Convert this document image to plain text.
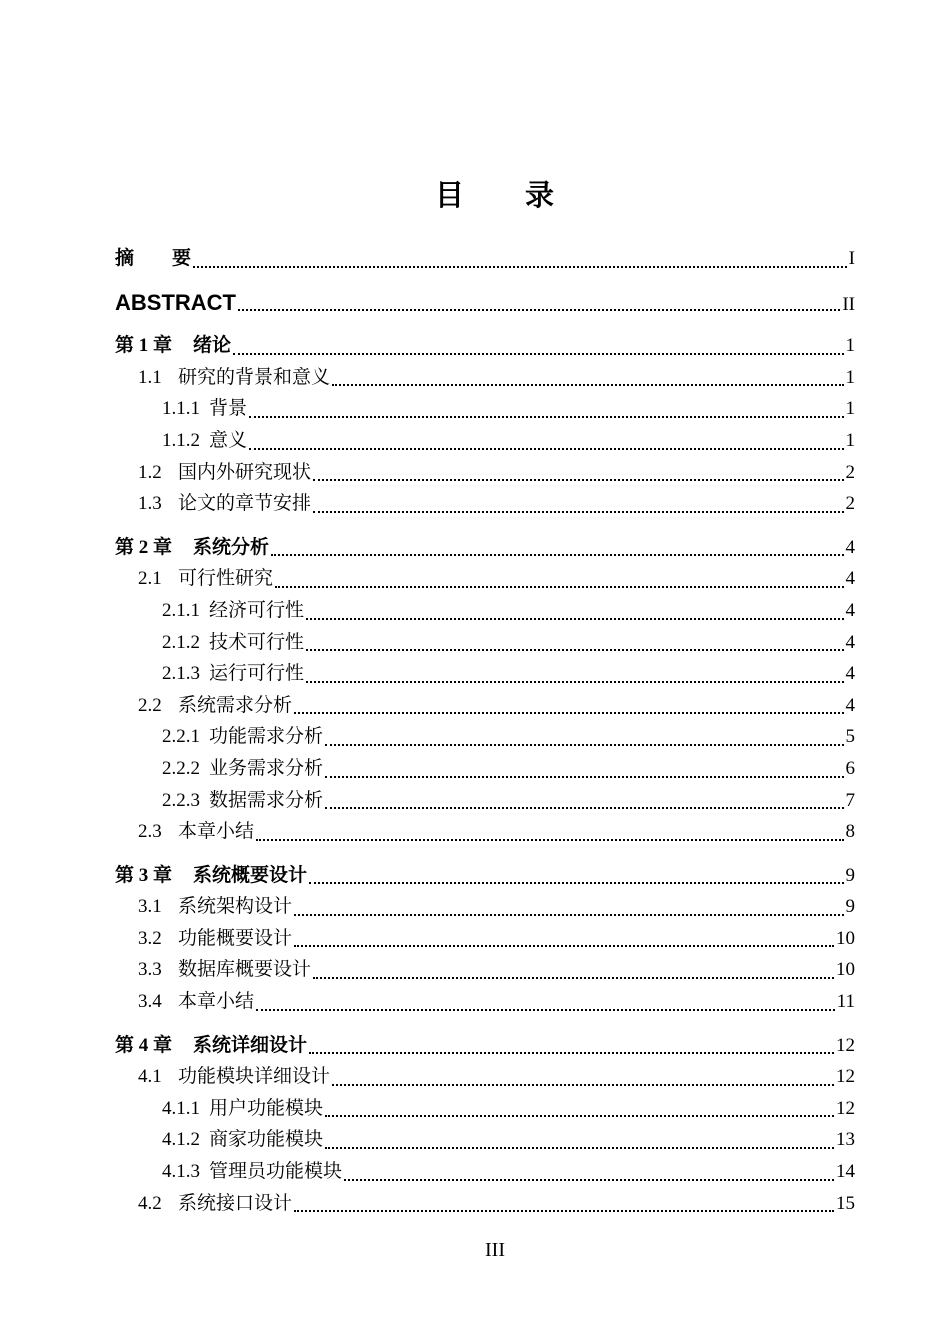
目　　录
摘　　要	I
ABSTRACT	II
第 1 章	绪论	1
1.1 研究的背景和意义	1
1.1.1 背景	1
1.1.2 意义	1
1.2 国内外研究现状	2
1.3 论文的章节安排	2
第 2 章	系统分析	4
2.1 可行性研究	4
2.1.1 经济可行性	4
2.1.2 技术可行性	4
2.1.3 运行可行性	4
2.2 系统需求分析	4
2.2.1 功能需求分析	5
2.2.2 业务需求分析	6
2.2.3 数据需求分析	7
2.3 本章小结	8
第 3 章	系统概要设计	9
3.1 系统架构设计	9
3.2 功能概要设计	10
3.3 数据库概要设计	10
3.4 本章小结	11
第 4 章	系统详细设计	12
4.1 功能模块详细设计	12
4.1.1 用户功能模块	12
4.1.2 商家功能模块	13
4.1.3 管理员功能模块	14
4.2 系统接口设计	15
III
